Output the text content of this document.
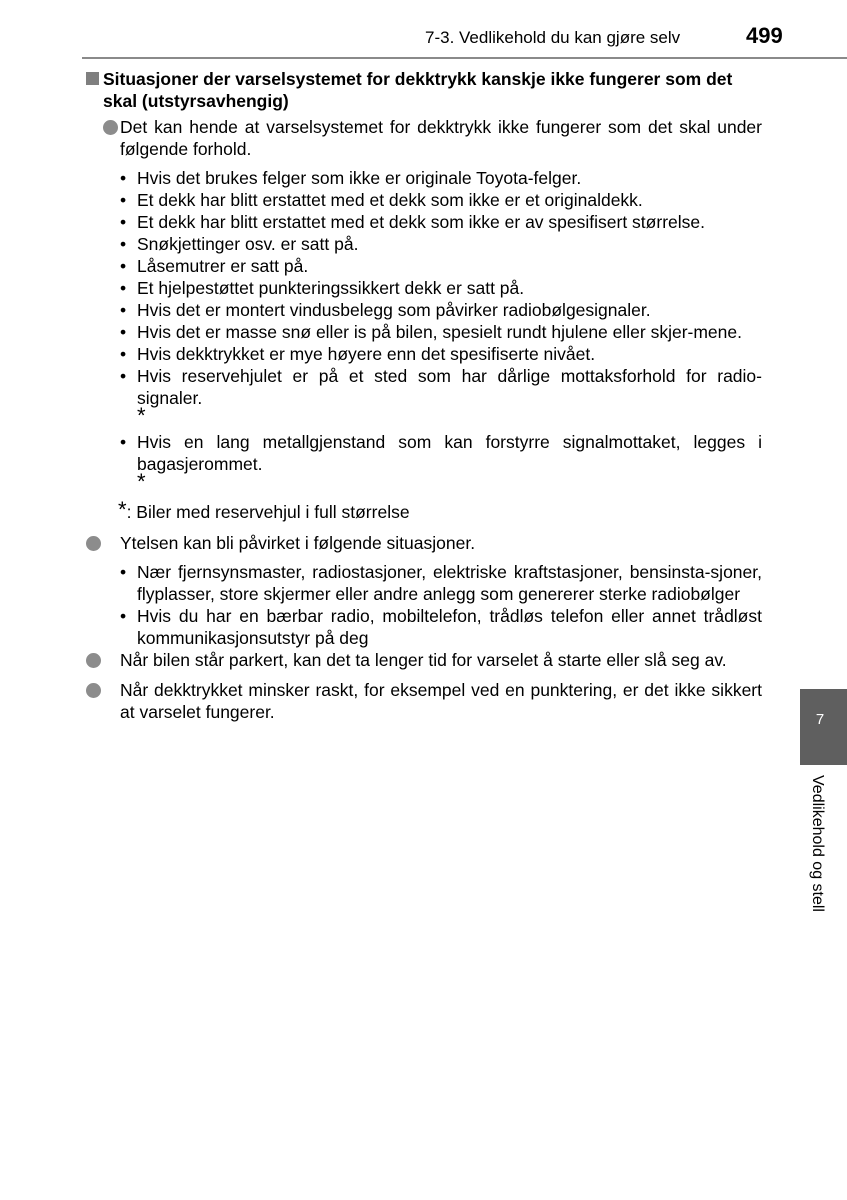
7-3. Vedlikehold du kan gjøre selv	499
Situasjoner der varselsystemet for dekktrykk kanskje ikke fungerer som det skal (utstyrsavhengig)
Det kan hende at varselsystemet for dekktrykk ikke fungerer som det skal under følgende forhold.
• Hvis det brukes felger som ikke er originale Toyota-felger.
• Et dekk har blitt erstattet med et dekk som ikke er et originaldekk.
• Et dekk har blitt erstattet med et dekk som ikke er av spesifisert størrelse.
• Snøkjettinger osv. er satt på.
• Låsemutrer er satt på.
• Et hjelpestøttet punkteringssikkert dekk er satt på.
• Hvis det er montert vindusbelegg som påvirker radiobølgesignaler.
• Hvis det er masse snø eller is på bilen, spesielt rundt hjulene eller skjer-mene.
• Hvis dekktrykket er mye høyere enn det spesifiserte nivået.
• Hvis reservehjulet er på et sted som har dårlige mottaksforhold for radio-signaler.
*
• Hvis en lang metallgjenstand som kan forstyrre signalmottaket, legges i bagasjerommet.
*
*: Biler med reservehjul i full størrelse
Ytelsen kan bli påvirket i følgende situasjoner.
• Nær fjernsynsmaster, radiostasjoner, elektriske kraftstasjoner, bensinsta-sjoner, flyplasser, store skjermer eller andre anlegg som genererer sterke radiobølger
• Hvis du har en bærbar radio, mobiltelefon, trådløs telefon eller annet trådløst kommunikasjonsutstyr på deg
Når bilen står parkert, kan det ta lenger tid for varselet å starte eller slå seg av.
Når dekktrykket minsker raskt, for eksempel ved en punktering, er det ikke sikkert at varselet fungerer.	7
Vedlikehold og stell
